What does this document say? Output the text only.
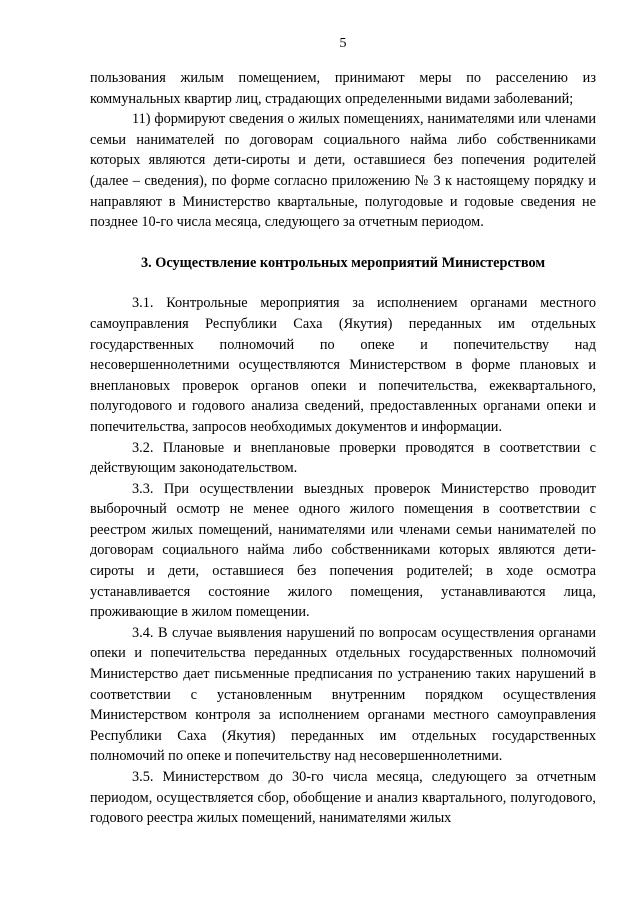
5

пользования жилым помещением, принимают меры по расселению из коммунальных квартир лиц, страдающих определенными видами заболеваний;

11) формируют сведения о жилых помещениях, нанимателями или членами семьи нанимателей по договорам социального найма либо собственниками которых являются дети-сироты и дети, оставшиеся без попечения родителей (далее – сведения), по форме согласно приложению № 3 к настоящему порядку и направляют в Министерство квартальные, полугодовые и годовые сведения не позднее 10-го числа месяца, следующего за отчетным периодом.

3. Осуществление контрольных мероприятий Министерством

3.1. Контрольные мероприятия за исполнением органами местного самоуправления Республики Саха (Якутия) переданных им отдельных государственных полномочий по опеке и попечительству над несовершеннолетними осуществляются Министерством в форме плановых и внеплановых проверок органов опеки и попечительства, ежеквартального, полугодового и годового анализа сведений, предоставленных органами опеки и попечительства, запросов необходимых документов и информации.

3.2. Плановые и внеплановые проверки проводятся в соответствии с действующим законодательством.

3.3. При осуществлении выездных проверок Министерство проводит выборочный осмотр не менее одного жилого помещения в соответствии с реестром жилых помещений, нанимателями или членами семьи нанимателей по договорам социального найма либо собственниками которых являются дети-сироты и дети, оставшиеся без попечения родителей; в ходе осмотра устанавливается состояние жилого помещения, устанавливаются лица, проживающие в жилом помещении.

3.4. В случае выявления нарушений по вопросам осуществления органами опеки и попечительства переданных отдельных государственных полномочий Министерство дает письменные предписания по устранению таких нарушений в соответствии с установленным внутренним порядком осуществления Министерством контроля за исполнением органами местного самоуправления Республики Саха (Якутия) переданных им отдельных государственных полномочий по опеке и попечительству над несовершеннолетними.

3.5. Министерством до 30-го числа месяца, следующего за отчетным периодом, осуществляется сбор, обобщение и анализ квартального, полугодового, годового реестра жилых помещений, нанимателями жилых
